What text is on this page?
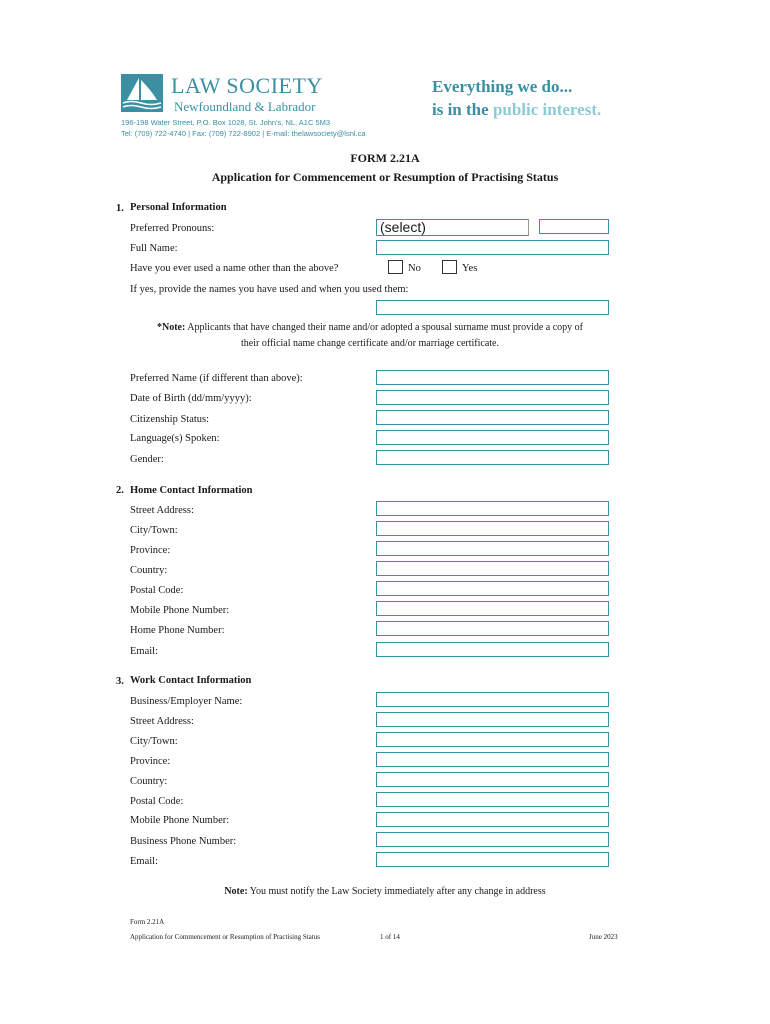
LAW SOCIETY
Newfoundland & Labrador
196-198 Water Street, P.O. Box 1028, St. John's, NL, A1C 5M3
Tel: (709) 722-4740 | Fax: (709) 722-8902 | E-mail: thelawsociety@lsnl.ca
Everything we do...
is in the public interest.
FORM 2.21A
Application for Commencement or Resumption of Practising Status
1. Personal Information
Preferred Pronouns:	(select)
Full Name:
Have you ever used a name other than the above?	No	Yes
If yes, provide the names you have used and when you used them:
*Note: Applicants that have changed their name and/or adopted a spousal surname must provide a copy of
their official name change certificate and/or marriage certificate.
Preferred Name (if different than above):
Date of Birth (dd/mm/yyyy):
Citizenship Status:
Language(s) Spoken:
Gender:
2. Home Contact Information
Street Address:
City/Town:
Province:
Country:
Postal Code:
Mobile Phone Number:
Home Phone Number:
Email:
3. Work Contact Information
Business/Employer Name:
Street Address:
City/Town:
Province:
Country:
Postal Code:
Mobile Phone Number:
Business Phone Number:
Email:
Note: You must notify the Law Society immediately after any change in address
Form 2.21A
Application for Commencement or Resumption of Practising Status	1 of 14	June 2023
